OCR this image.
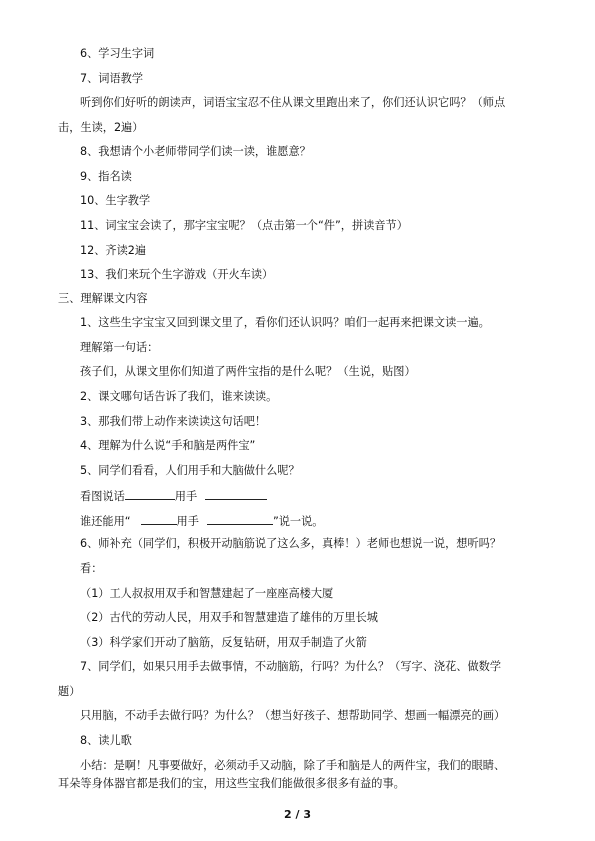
6、学习生字词
7、词语教学
听到你们好听的朗读声，词语宝宝忍不住从课文里跑出来了，你们还认识它吗？（师点
击，生读，2遍）
8、我想请个小老师带同学们读一读，谁愿意？
9、指名读
10、生字教学
11、词宝宝会读了，那字宝宝呢？（点击第一个“件”，拼读音节）
12、齐读2遍
13、我们来玩个生字游戏（开火车读）
三、理解课文内容
1、这些生字宝宝又回到课文里了，看你们还认识吗？咱们一起再来把课文读一遍。
理解第一句话：
孩子们，从课文里你们知道了两件宝指的是什么呢？（生说，贴图）
2、课文哪句话告诉了我们，谁来读读。
3、那我们带上动作来读读这句话吧！
4、理解为什么说“手和脑是两件宝”
5、同学们看看，人们用手和大脑做什么呢？
看图说话	用手
谁还能用“	用手	”说一说。
6、师补充（同学们，积极开动脑筋说了这么多，真棒！）老师也想说一说，想听吗？
看：
（1）工人叔叔用双手和智慧建起了一座座高楼大厦
（2）古代的劳动人民，用双手和智慧建造了雄伟的万里长城
（3）科学家们开动了脑筋，反复钻研，用双手制造了火箭
7、同学们，如果只用手去做事情，不动脑筋，行吗？为什么？（写字、浇花、做数学
题）
只用脑，不动手去做行吗？为什么？（想当好孩子、想帮助同学、想画一幅漂亮的画）
8、读儿歌
小结：是啊！凡事要做好，必须动手又动脑，除了手和脑是人的两件宝，我们的眼睛、
耳朵等身体器官都是我们的宝，用这些宝我们能做很多很多有益的事。
2 / 3
